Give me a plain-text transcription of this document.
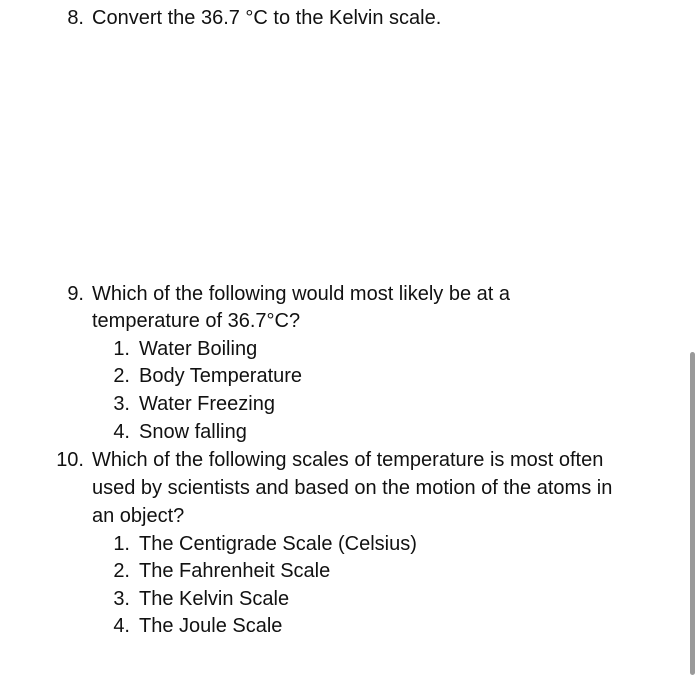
8. Convert the 36.7 °C to the Kelvin scale.
9. Which of the following would most likely be at a
temperature of 36.7°C?
1. Water Boiling
2. Body Temperature
3. Water Freezing
4. Snow falling
10. Which of the following scales of temperature is most often
used by scientists and based on the motion of the atoms in
an object?
1. The Centigrade Scale (Celsius)
2. The Fahrenheit Scale
3. The Kelvin Scale
4. The Joule Scale
